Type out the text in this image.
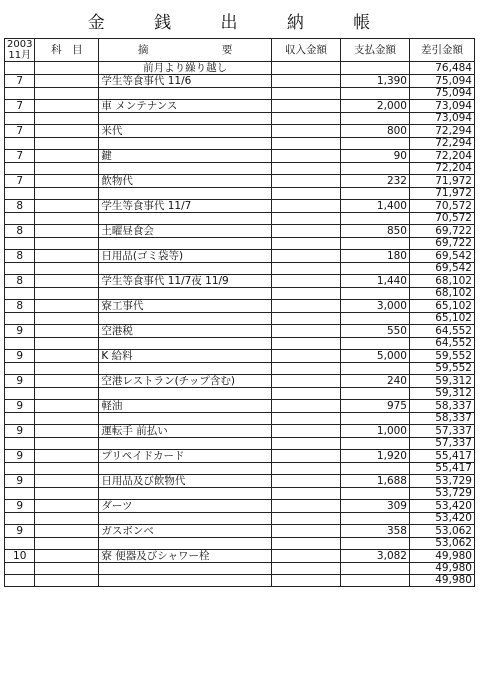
金 銭 出 納 帳
2003
11月	科　目	摘　　　　　　　要	収入金額	支払金額	差引金額

		前月より繰り越し			76,484
7		学生等食事代 11/6		1,390	75,094
					75,094
7		車 メンテナンス		2,000	73,094
					73,094
7		米代		800	72,294
					72,294
7		鍵		90	72,204
					72,204
7		飲物代		232	71,972
					71,972
8		学生等食事代 11/7		1,400	70,572
					70,572
8		土曜昼食会		850	69,722
					69,722
8		日用品(ゴミ袋等)		180	69,542
					69,542
8		学生等食事代 11/7夜 11/9		1,440	68,102
					68,102
8		寮工事代		3,000	65,102
					65,102
9		空港税		550	64,552
					64,552
9		K 給料		5,000	59,552
					59,552
9		空港レストラン(チップ含む)		240	59,312
					59,312
9		軽油		975	58,337
					58,337
9		運転手 前払い		1,000	57,337
					57,337
9		プリペイドカード		1,920	55,417
					55,417
9		日用品及び飲物代		1,688	53,729
					53,729
9		ダーツ		309	53,420
					53,420
9		ガスボンベ		358	53,062
					53,062
10		寮 便器及びシャワー栓		3,082	49,980
					49,980
					49,980
